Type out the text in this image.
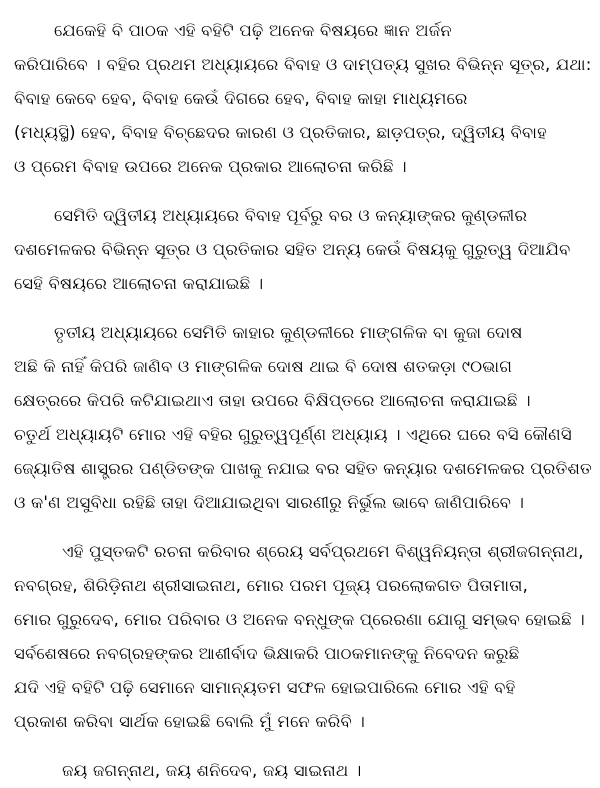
ଯେକେହି ବି ପାଠକ ଏହି ବହିଟି ପଢ଼ି ଅନେକ ବିଷୟରେ ଜ୍ଞାନ ଅର୍ଜନ
କରିପାରିବେ । ବହିର ପ୍ରଥମ ଅଧ୍ୟାୟରେ ବିବାହ ଓ ଦାମ୍ପତ୍ୟ ସୁଖର ବିଭିନ୍ନ ସୂତ୍ର, ଯଥା:
ବିବାହ କେବେ ହେବ, ବିବାହ କେଉଁ ଦିଗରେ ହେବ, ବିବାହ କାହା ମାଧ୍ୟମରେ
(ମଧ୍ୟସ୍ଥି) ହେବ, ବିବାହ ବିଚ୍ଛେଦର କାରଣ ଓ ପ୍ରତିକାର, ଛାଡ଼ପତ୍ର, ଦ୍ୱିତୀୟ ବିବାହ
ଓ ପ୍ରେମ ବିବାହ ଉପରେ ଅନେକ ପ୍ରକାର ଆଲୋଚନା କରିଛି ।
ସେମିତି ଦ୍ୱିତୀୟ ଅଧ୍ୟାୟରେ ବିବାହ ପୂର୍ବରୁ ବର ଓ କନ୍ୟାଙ୍କର କୁଣ୍ଡଳୀର
ଦଶମେଳକର ବିଭିନ୍ନ ସୂତ୍ର ଓ ପ୍ରତିକାର ସହିତ ଅନ୍ୟ କେଉଁ ବିଷୟକୁ ଗୁରୁତ୍ୱ ଦିଆଯିବ
ସେହି ବିଷୟରେ ଆଲୋଚନା କରାଯାଇଛି ।
ତୃତୀୟ ଅଧ୍ୟାୟରେ ସେମିତି କାହାର କୁଣ୍ଡଳୀରେ ମାଙ୍ଗଳିକ ବା କୁଜା ଦୋଷ
ଅଛି କି ନାହିଁ କିପରି ଜାଣିବ ଓ ମାଙ୍ଗଳିକ ଦୋଷ ଥାଇ ବି ଦୋଷ ଶତକଡ଼ା ୯୦ଭାଗ
କ୍ଷେତ୍ରରେ କିପରି କଟିଯାଇଥାଏ ତାହା ଉପରେ ବିକ୍ଷିପ୍ତରେ ଆଲୋଚନା କରାଯାଇଛି ।
ଚତୁର୍ଥ ଅଧ୍ୟାୟଟି ମୋର ଏହି ବହିର ଗୁରୁତ୍ୱପୂର୍ଣ୍ଣ ଅଧ୍ୟାୟ । ଏଥିରେ ଘରେ ବସି କୌଣସି
ଜ୍ୟୋତିଷ ଶାସ୍ତ୍ରର ପଣ୍ଡିତଙ୍କ ପାଖକୁ ନଯାଇ ବର ସହିତ କନ୍ୟାର ଦଶମେଳକର ପ୍ରତିଶତ
ଓ କ'ଣ ଅସୁବିଧା ରହିଛି ତାହା ଦିଆଯାଇଥିବା ସାରଣୀରୁ ନିର୍ଭୁଲ ଭାବେ ଜାଣିପାରିବେ ।
ଏହି ପୁସ୍ତକଟି ରଚନା କରିବାର ଶ୍ରେୟ ସର୍ବପ୍ରଥମେ ବିଶ୍ୱନିୟନ୍ତା ଶ୍ରୀଜଗନ୍ନାଥ,
ନବଗ୍ରହ, ଶିରିଡ଼ିନାଥ ଶ୍ରୀସାଇନାଥ, ମୋର ପରମ ପୂଜ୍ୟ ପରଲୋକଗତ ପିତାମାତା,
ମୋର ଗୁରୁଦେବ, ମୋର ପରିବାର ଓ ଅନେକ ବନ୍ଧୁଙ୍କ ପ୍ରେରଣା ଯୋଗୁ ସମ୍ଭବ ହୋଇଛି ।
ସର୍ବଶେଷରେ ନବଗ୍ରହଙ୍କର ଆଶୀର୍ବାଦ ଭିକ୍ଷାକରି ପାଠକମାନଙ୍କୁ ନିବେଦନ କରୁଛି
ଯଦି ଏହି ବହିଟି ପଢ଼ି ସେମାନେ ସାମାନ୍ୟତମ ସଫଳ ହୋଇପାରିଲେ ମୋର ଏହି ବହି
ପ୍ରକାଶ କରିବା ସାର୍ଥକ ହୋଇଛି ବୋଲି ମୁଁ ମନେ କରିବି ।
ଜୟ ଜଗନ୍ନାଥ, ଜୟ ଶନିଦେବ, ଜୟ ସାଇନାଥ ।
